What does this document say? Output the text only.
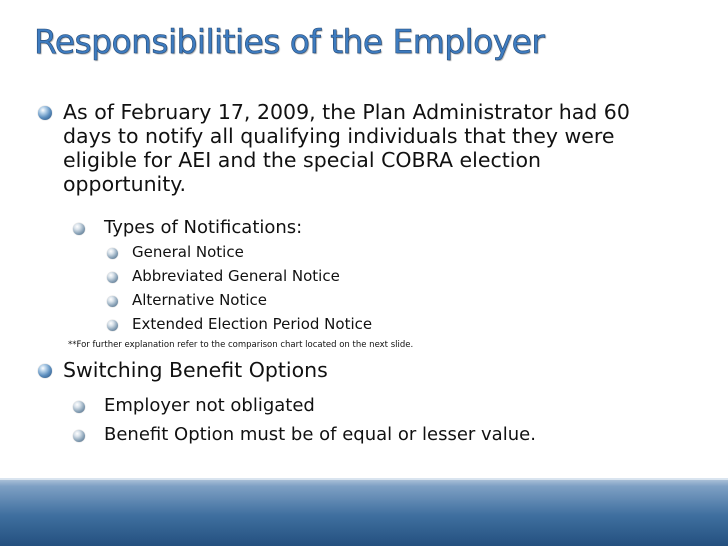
Responsibilities of the Employer
As of February 17, 2009, the Plan Administrator had 60
days to notify all qualifying individuals that they were
eligible for AEI and the special COBRA election
opportunity.
Types of Notifications:
General Notice
Abbreviated General Notice
Alternative Notice
Extended Election Period Notice
**For further explanation refer to the comparison chart located on the next slide.
Switching Benefit Options
Employer not obligated
Benefit Option must be of equal or lesser value.
